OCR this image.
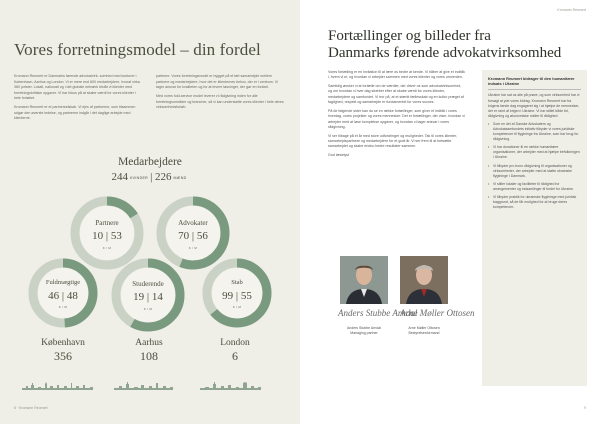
Vores forretningsmodel – din fordel

Kromann Reumert er Danmarks førende advokatvirk- somhed med kontorer i København, Aarhus og London. Vi er mere end 600 medarbejdere, hvoraf cirka 360 jurister. Lokalt, nationalt og i det globale netværk bistår vi klienter med forretningskritiske opgaver. Vi har fokus på at skabe værdi for vores klienter i hele forløbet.

Kromann Reumert er et partnerselskab. Vi ejes af partnerne, som tilsammen udgør den øverste ledelse, og partnerne indgår i det daglige arbejde med klienterne.

partnere. Vores forretningsmodel er bygget på et tæt samarbejde mellem partnere og medarbejdere, hvor det er klienternes behov, der er i centrum. Vi tager ansvar for kvaliteten og for at levere løsninger, der gør en forskel.

Med vores fuld-service model leverer vi rådgivning inden for alle forretningsområder og brancher, så vi kan understøtte vores klienter i hele deres virksomhedsforløb.

Medarbejdere
244 KVINDER | 226 MÆND
Partnere
10 | 53
K / M
Advokater
70 | 56
K / M
Fuldmægtige
46 | 48
K / M
Studerende
19 | 14
K / M
Stab
99 | 55
K / M
København
356
Aarhus
108
London
6
8 · Kromann Reumert
Kromann Reumert
Fortællinger og billeder fra
Danmarks førende advokatvirksomhed

Vores fortælling er en invitation til at lære os bedre at kende. Vi håber at give et indblik i, hvem vi er, og hvordan vi arbejder sammen med vores klienter og vores omverden.

Samtidig ønsker vi at fortælle om de værdier, der driver os som advokatvirksomhed, og om hvordan vi hver dag stræber efter at skabe værdi for vores klienter, medarbejdere og samfundet. Vi tror på, at et stærkt fællesskab og en kultur præget af faglighed, respekt og samarbejde er fundamentet for vores succes.

På de følgende sider kan du se en række fortællinger, som giver et indblik i vores hverdag, vores projekter og vores mennesker. Det er fortællinger, der viser, hvordan vi arbejder med at løse komplekse opgaver, og hvordan vi tager ansvar i vores rådgivning.

Vi ser tilbage på et år med store udfordringer og muligheder. Tak til vores klienter, samarbejdspartnere og medarbejdere for et godt år. Vi ser frem til at fortsætte samarbejdet og skabe endnu bedre resultater sammen.

God læselyst

Anders Stubbe Arndal
Arne Møller Ottosen
Anders Stubbe Arndal
Managing partner
Arne Møller Ottosen
Bestyrelsesformand
Kromann Reumert bidrager til den humanitære indsats i Ukraine
Ukraine har sat os alle på prøve, og som virksomhed har vi forsøgt at yde vores bidrag. Kromann Reumert har fra krigens første dag engageret sig i at hjælpe de mennesker, der er ramt af krigen i Ukraine. Vi har stillet både tid, rådgivning og økonomiske midler til rådighed.
• Som en del af Danske Advokaters og Advokatsamfundets initiativ tilbyder vi vores juridiske kompetencer til flygtninge fra Ukraine, som har brug for rådgivning.
• Vi har donationer til en række humanitære organisationer, der arbejder med at hjælpe befolkningen i Ukraine.
• Vi tilbyder pro bono rådgivning til organisationer og virksomheder, der arbejder med at støtte ukrainske flygtninge i Danmark.
• Vi stiller lokaler og faciliteter til rådighed for arrangementer og indsamlinger til fordel for Ukraine.
• Vi tilbyder praktik for ukrainske flygtninge med juridisk baggrund, så de får mulighed for at bruge deres kompetencer.
9
